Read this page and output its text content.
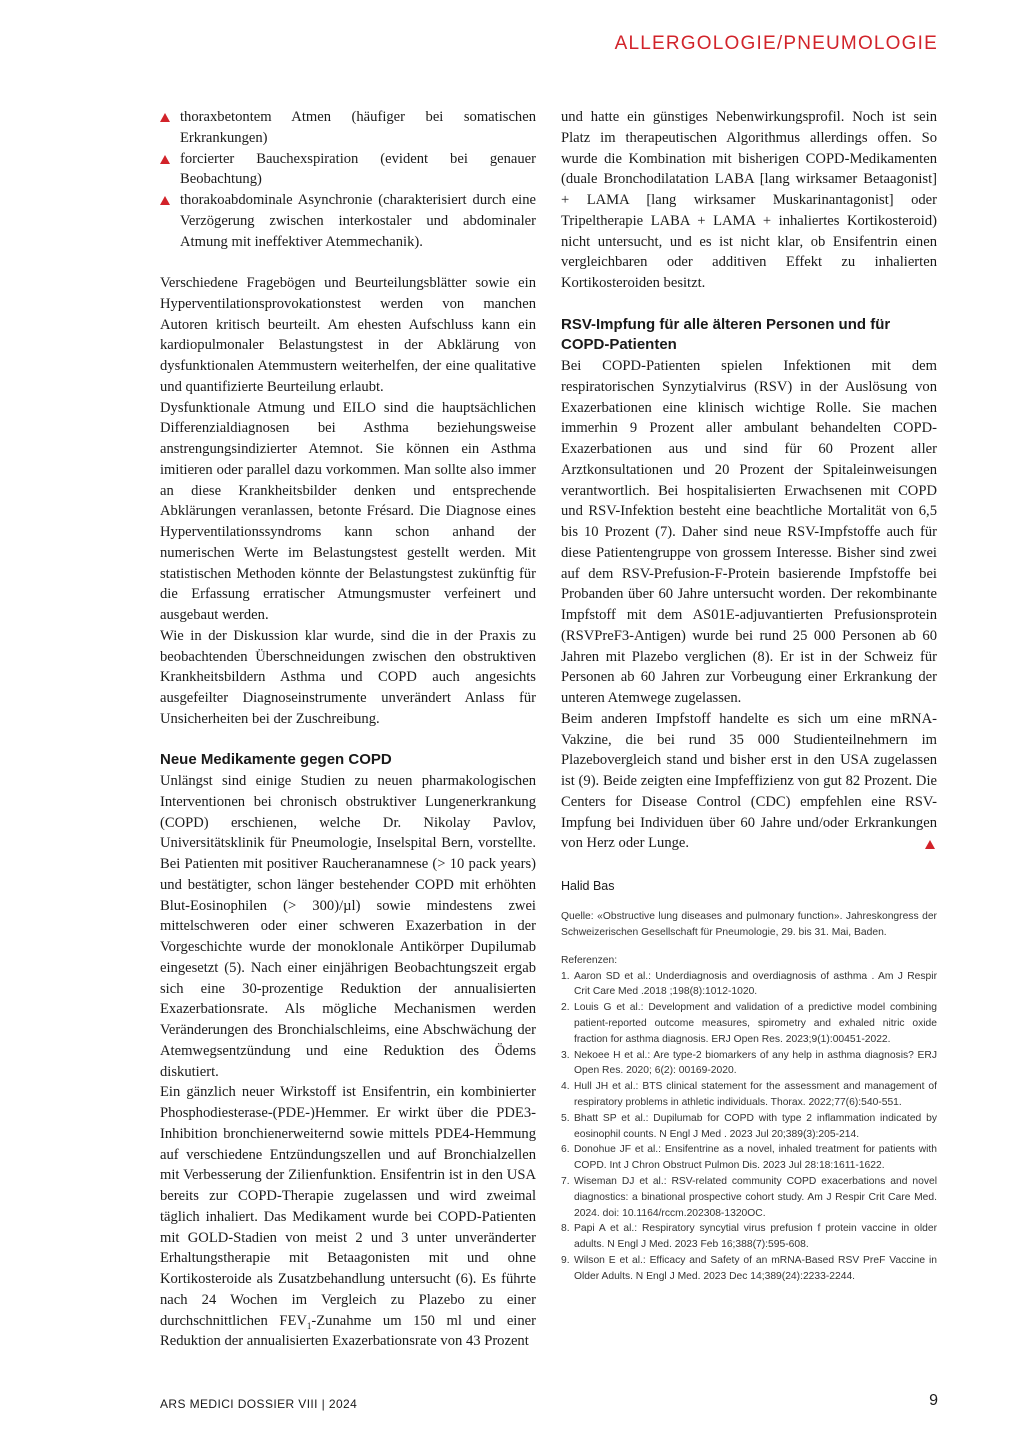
ALLERGOLOGIE/PNEUMOLOGIE
thoraxbetontem Atmen (häufiger bei somatischen Erkrankungen)
forcierter Bauchexspiration (evident bei genauer Beobachtung)
thorakoabdominale Asynchronie (charakterisiert durch eine Verzögerung zwischen interkostaler und abdominaler Atmung mit ineffektiver Atemmechanik).

Verschiedene Fragebögen und Beurteilungsblätter sowie ein Hyperventilationsprovokationstest werden von manchen Autoren kritisch beurteilt. Am ehesten Aufschluss kann ein kardiopulmonaler Belastungstest in der Abklärung von dysfunktionalen Atemmustern weiterhelfen, der eine qualitative und quantifizierte Beurteilung erlaubt.

Dysfunktionale Atmung und EILO sind die hauptsächlichen Differenzialdiagnosen bei Asthma beziehungsweise anstrengungsindizierter Atemnot. Sie können ein Asthma imitieren oder parallel dazu vorkommen. Man sollte also immer an diese Krankheitsbilder denken und entsprechende Abklärungen veranlassen, betonte Frésard. Die Diagnose eines Hyperventilationssyndroms kann schon anhand der numerischen Werte im Belastungstest gestellt werden. Mit statistischen Methoden könnte der Belastungstest zukünftig für die Erfassung erratischer Atmungsmuster verfeinert und ausgebaut werden.

Wie in der Diskussion klar wurde, sind die in der Praxis zu beobachtenden Überschneidungen zwischen den obstruktiven Krankheitsbildern Asthma und COPD auch angesichts ausgefeilter Diagnoseinstrumente unverändert Anlass für Unsicherheiten bei der Zuschreibung.

Neue Medikamente gegen COPD

Unlängst sind einige Studien zu neuen pharmakologischen Interventionen bei chronisch obstruktiver Lungenerkrankung (COPD) erschienen, welche Dr. Nikolay Pavlov, Universitätsklinik für Pneumologie, Inselspital Bern, vorstellte. Bei Patienten mit positiver Raucheranamnese (> 10 pack years) und bestätigter, schon länger bestehender COPD mit erhöhten Blut-Eosinophilen (> 300)/µl) sowie mindestens zwei mittelschweren oder einer schweren Exazerbation in der Vorgeschichte wurde der monoklonale Antikörper Dupilumab eingesetzt (5). Nach einer einjährigen Beobachtungszeit ergab sich eine 30-prozentige Reduktion der annualisierten Exazerbationsrate. Als mögliche Mechanismen werden Veränderungen des Bronchialschleims, eine Abschwächung der Atemwegsentzündung und eine Reduktion des Ödems diskutiert.

Ein gänzlich neuer Wirkstoff ist Ensifentrin, ein kombinierter Phosphodiesterase-(PDE-)Hemmer. Er wirkt über die PDE3-Inhibition bronchienerweiternd sowie mittels PDE4-Hemmung auf verschiedene Entzündungszellen und auf Bronchialzellen mit Verbesserung der Zilienfunktion. Ensifentrin ist in den USA bereits zur COPD-Therapie zugelassen und wird zweimal täglich inhaliert. Das Medikament wurde bei COPD-Patienten mit GOLD-Stadien von meist 2 und 3 unter unveränderter Erhaltungstherapie mit Betaagonisten mit und ohne Kortikosteroide als Zusatzbehandlung untersucht (6). Es führte nach 24 Wochen im Vergleich zu Plazebo zu einer durchschnittlichen $FEV_1$-Zunahme um 150 ml und einer Reduktion der annualisierten Exazerbationsrate von 43 Prozent

und hatte ein günstiges Nebenwirkungsprofil. Noch ist sein Platz im therapeutischen Algorithmus allerdings offen. So wurde die Kombination mit bisherigen COPD-Medikamenten (duale Bronchodilatation LABA [lang wirksamer Betaagonist] + LAMA [lang wirksamer Muskarinantagonist] oder Tripeltherapie LABA + LAMA + inhaliertes Kortikosteroid) nicht untersucht, und es ist nicht klar, ob Ensifentrin einen vergleichbaren oder additiven Effekt zu inhalierten Kortikosteroiden besitzt.

RSV-Impfung für alle älteren Personen und für COPD-Patienten

Bei COPD-Patienten spielen Infektionen mit dem respiratorischen Synzytialvirus (RSV) in der Auslösung von Exazerbationen eine klinisch wichtige Rolle. Sie machen immerhin 9 Prozent aller ambulant behandelten COPD-Exazerbationen aus und sind für 60 Prozent aller Arztkonsultationen und 20 Prozent der Spitaleinweisungen verantwortlich. Bei hospitalisierten Erwachsenen mit COPD und RSV-Infektion besteht eine beachtliche Mortalität von 6,5 bis 10 Prozent (7). Daher sind neue RSV-Impfstoffe auch für diese Patientengruppe von grossem Interesse. Bisher sind zwei auf dem RSV-Prefusion-F-Protein basierende Impfstoffe bei Probanden über 60 Jahre untersucht worden. Der rekombinante Impfstoff mit dem AS01E-adjuvantierten Prefusionsprotein (RSVPreF3-Antigen) wurde bei rund 25 000 Personen ab 60 Jahren mit Plazebo verglichen (8). Er ist in der Schweiz für Personen ab 60 Jahren zur Vorbeugung einer Erkrankung der unteren Atemwege zugelassen.

Beim anderen Impfstoff handelte es sich um eine mRNA-Vakzine, die bei rund 35 000 Studienteilnehmern im Plazebovergleich stand und bisher erst in den USA zugelassen ist (9). Beide zeigten eine Impfeffizienz von gut 82 Prozent. Die Centers for Disease Control (CDC) empfehlen eine RSV-Impfung bei Individuen über 60 Jahre und/oder Erkrankungen von Herz oder Lunge.

Halid Bas
Quelle: «Obstructive lung diseases and pulmonary function». Jahreskongress der Schweizerischen Gesellschaft für Pneumologie, 29. bis 31. Mai, Baden.
Referenzen:
1. Aaron SD et al.: Underdiagnosis and overdiagnosis of asthma . Am J Respir Crit Care Med .2018 ;198(8):1012-1020.
2. Louis G et al.: Development and validation of a predictive model combining patient-reported outcome measures, spirometry and exhaled nitric oxide fraction for asthma diagnosis. ERJ Open Res. 2023;9(1):00451-2022.
3. Nekoee H et al.: Are type-2 biomarkers of any help in asthma diagnosis? ERJ Open Res. 2020; 6(2): 00169-2020.
4. Hull JH et al.: BTS clinical statement for the assessment and management of respiratory problems in athletic individuals. Thorax. 2022;77(6):540-551.
5. Bhatt SP et al.: Dupilumab for COPD with type 2 inflammation indicated by eosinophil counts. N Engl J Med . 2023 Jul 20;389(3):205-214.
6. Donohue JF et al.: Ensifentrine as a novel, inhaled treatment for patients with COPD. Int J Chron Obstruct Pulmon Dis. 2023 Jul 28:18:1611-1622.
7. Wiseman DJ et al.: RSV-related community COPD exacerbations and novel diagnostics: a binational prospective cohort study. Am J Respir Crit Care Med. 2024. doi: 10.1164/rccm.202308-1320OC.
8. Papi A et al.: Respiratory syncytial virus prefusion f protein vaccine in older adults. N Engl J Med. 2023 Feb 16;388(7):595-608.
9. Wilson E et al.: Efficacy and Safety of an mRNA-Based RSV PreF Vaccine in Older Adults. N Engl J Med. 2023 Dec 14;389(24):2233-2244.
ARS MEDICI DOSSIER VIII | 2024	9
